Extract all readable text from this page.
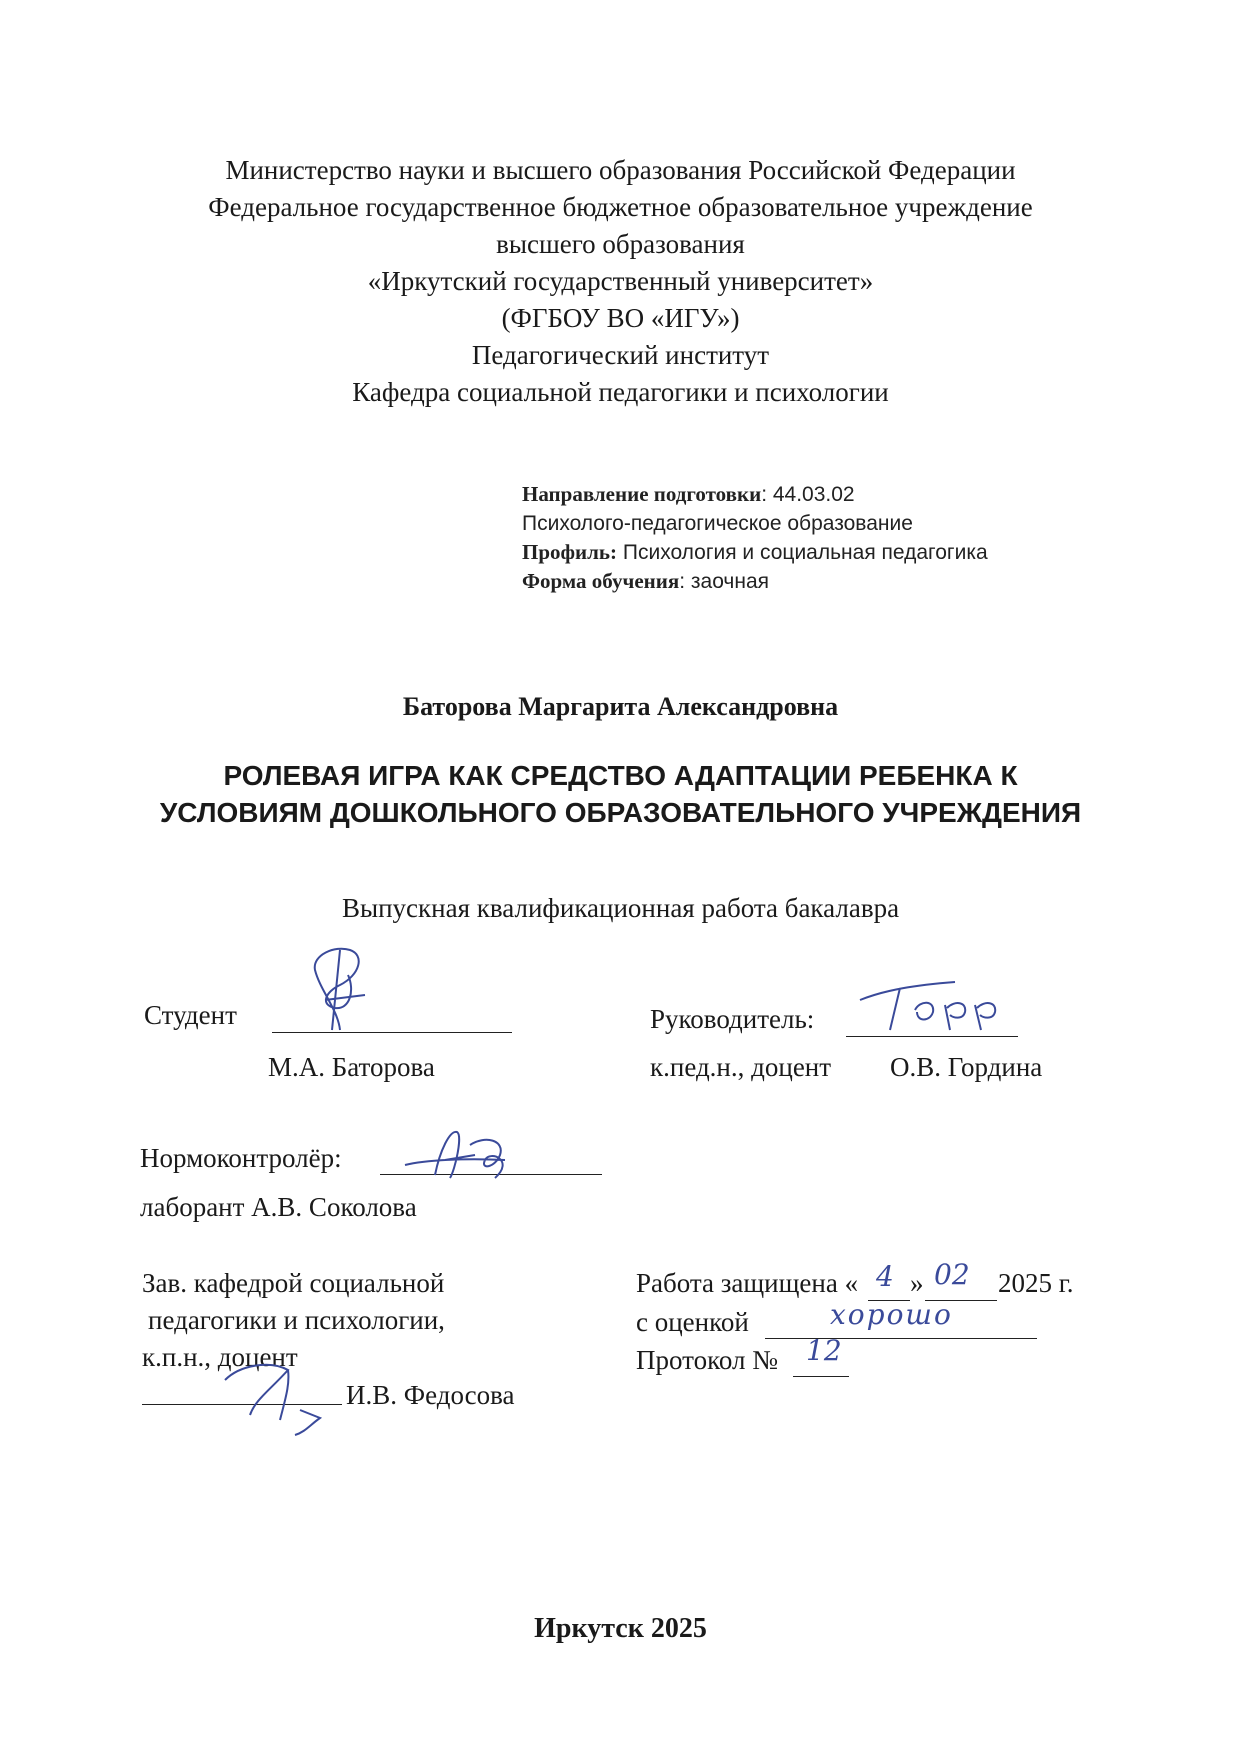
Министерство науки и высшего образования Российской Федерации
Федеральное государственное бюджетное образовательное учреждение
высшего образования
«Иркутский государственный университет»
(ФГБОУ ВО «ИГУ»)
Педагогический институт
Кафедра социальной педагогики и психологии
Направление подготовки: 44.03.02
Психолого-педагогическое образование
Профиль: Психология и социальная педагогика
Форма обучения: заочная
Баторова Маргарита Александровна
РОЛЕВАЯ ИГРА КАК СРЕДСТВО АДАПТАЦИИ РЕБЕНКА К
УСЛОВИЯМ ДОШКОЛЬНОГО ОБРАЗОВАТЕЛЬНОГО УЧРЕЖДЕНИЯ
Выпускная квалификационная работа бакалавра
Студент
М.А. Баторова
Руководитель:
к.пед.н., доцент О.В. Гордина
Нормоконтролёр:
лаборант А.В. Соколова
Зав. кафедрой социальной
педагогики и психологии,
к.п.н., доцент
И.В. Федосова
Работа защищена « 4 » 02 2025 г.
с оценкой	хорошо
Протокол № 12
Иркутск 2025
